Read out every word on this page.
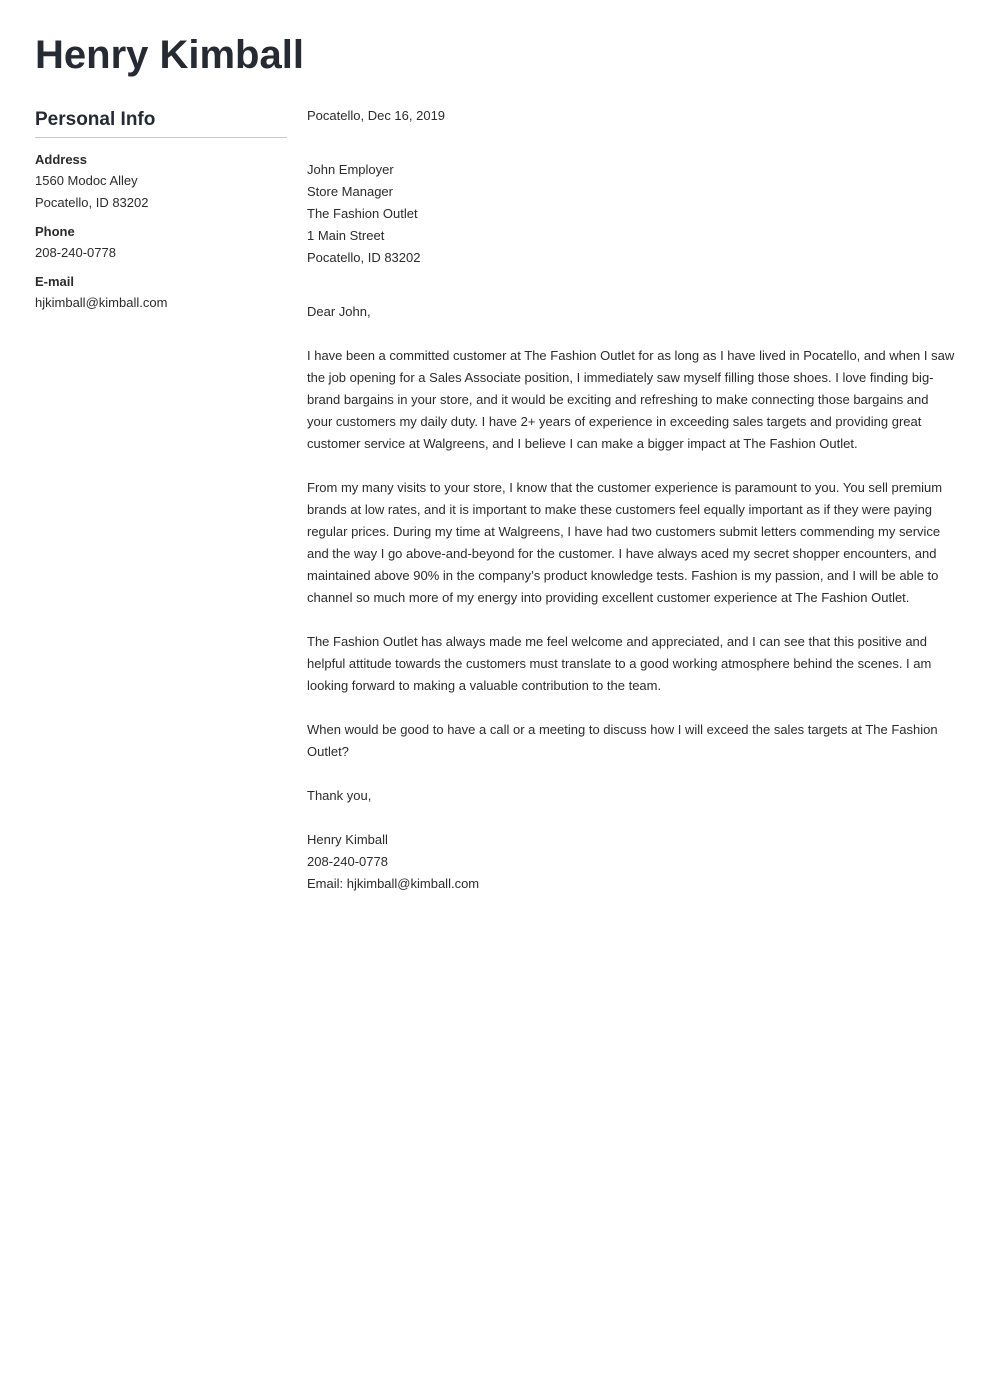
Henry Kimball
Personal Info
Address
1560 Modoc Alley
Pocatello, ID 83202
Phone
208-240-0778
E-mail
hjkimball@kimball.com

Pocatello, Dec 16, 2019

John Employer

Store Manager

The Fashion Outlet

1 Main Street

Pocatello, ID 83202

Dear John,

I have been a committed customer at The Fashion Outlet for as long as I have lived in Pocatello, and when I saw the job opening for a Sales Associate position, I immediately saw myself filling those shoes. I love finding big-brand bargains in your store, and it would be exciting and refreshing to make connecting those bargains and your customers my daily duty. I have 2+ years of experience in exceeding sales targets and providing great customer service at Walgreens, and I believe I can make a bigger impact at The Fashion Outlet.

From my many visits to your store, I know that the customer experience is paramount to you. You sell premium brands at low rates, and it is important to make these customers feel equally important as if they were paying regular prices. During my time at Walgreens, I have had two customers submit letters commending my service and the way I go above-and-beyond for the customer. I have always aced my secret shopper encounters, and maintained above 90% in the company’s product knowledge tests. Fashion is my passion, and I will be able to channel so much more of my energy into providing excellent customer experience at The Fashion Outlet.

The Fashion Outlet has always made me feel welcome and appreciated, and I can see that this positive and helpful attitude towards the customers must translate to a good working atmosphere behind the scenes. I am looking forward to making a valuable contribution to the team.

When would be good to have a call or a meeting to discuss how I will exceed the sales targets at The Fashion Outlet?

Thank you,

Henry Kimball

208-240-0778

Email: hjkimball@kimball.com
